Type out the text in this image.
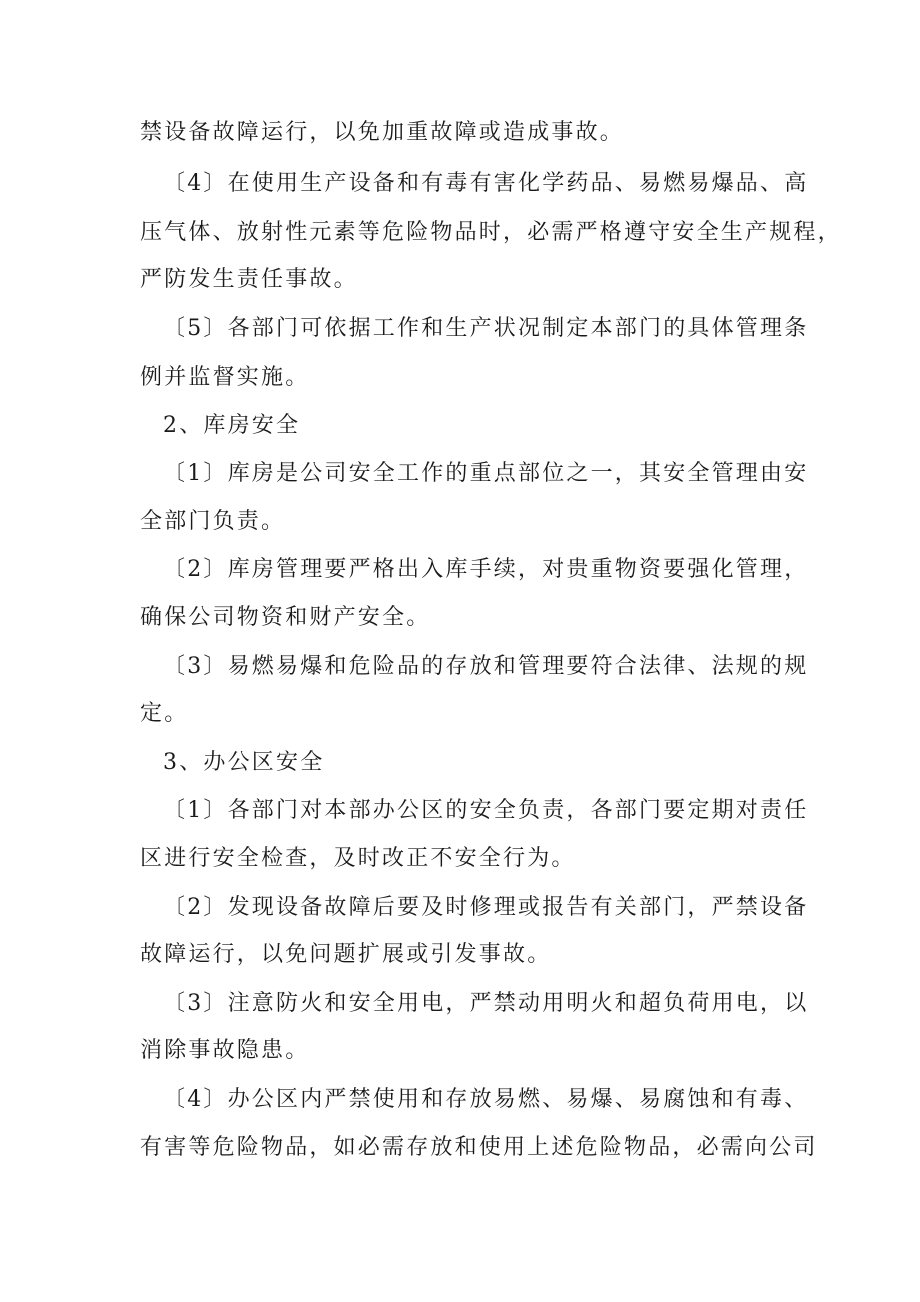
禁设备故障运行，以免加重故障或造成事故。
〔4〕在使用生产设备和有毒有害化学药品、易燃易爆品、高
压气体、放射性元素等危险物品时，必需严格遵守安全生产规程，
严防发生责任事故。
〔5〕各部门可依据工作和生产状况制定本部门的具体管理条
例并监督实施。
2、库房安全
〔1〕库房是公司安全工作的重点部位之一，其安全管理由安
全部门负责。
〔2〕库房管理要严格出入库手续，对贵重物资要强化管理，
确保公司物资和财产安全。
〔3〕易燃易爆和危险品的存放和管理要符合法律、法规的规
定。
3、办公区安全
〔1〕各部门对本部办公区的安全负责，各部门要定期对责任
区进行安全检查，及时改正不安全行为。
〔2〕发现设备故障后要及时修理或报告有关部门，严禁设备
故障运行，以免问题扩展或引发事故。
〔3〕注意防火和安全用电，严禁动用明火和超负荷用电，以
消除事故隐患。
〔4〕办公区内严禁使用和存放易燃、易爆、易腐蚀和有毒、
有害等危险物品，如必需存放和使用上述危险物品，必需向公司
